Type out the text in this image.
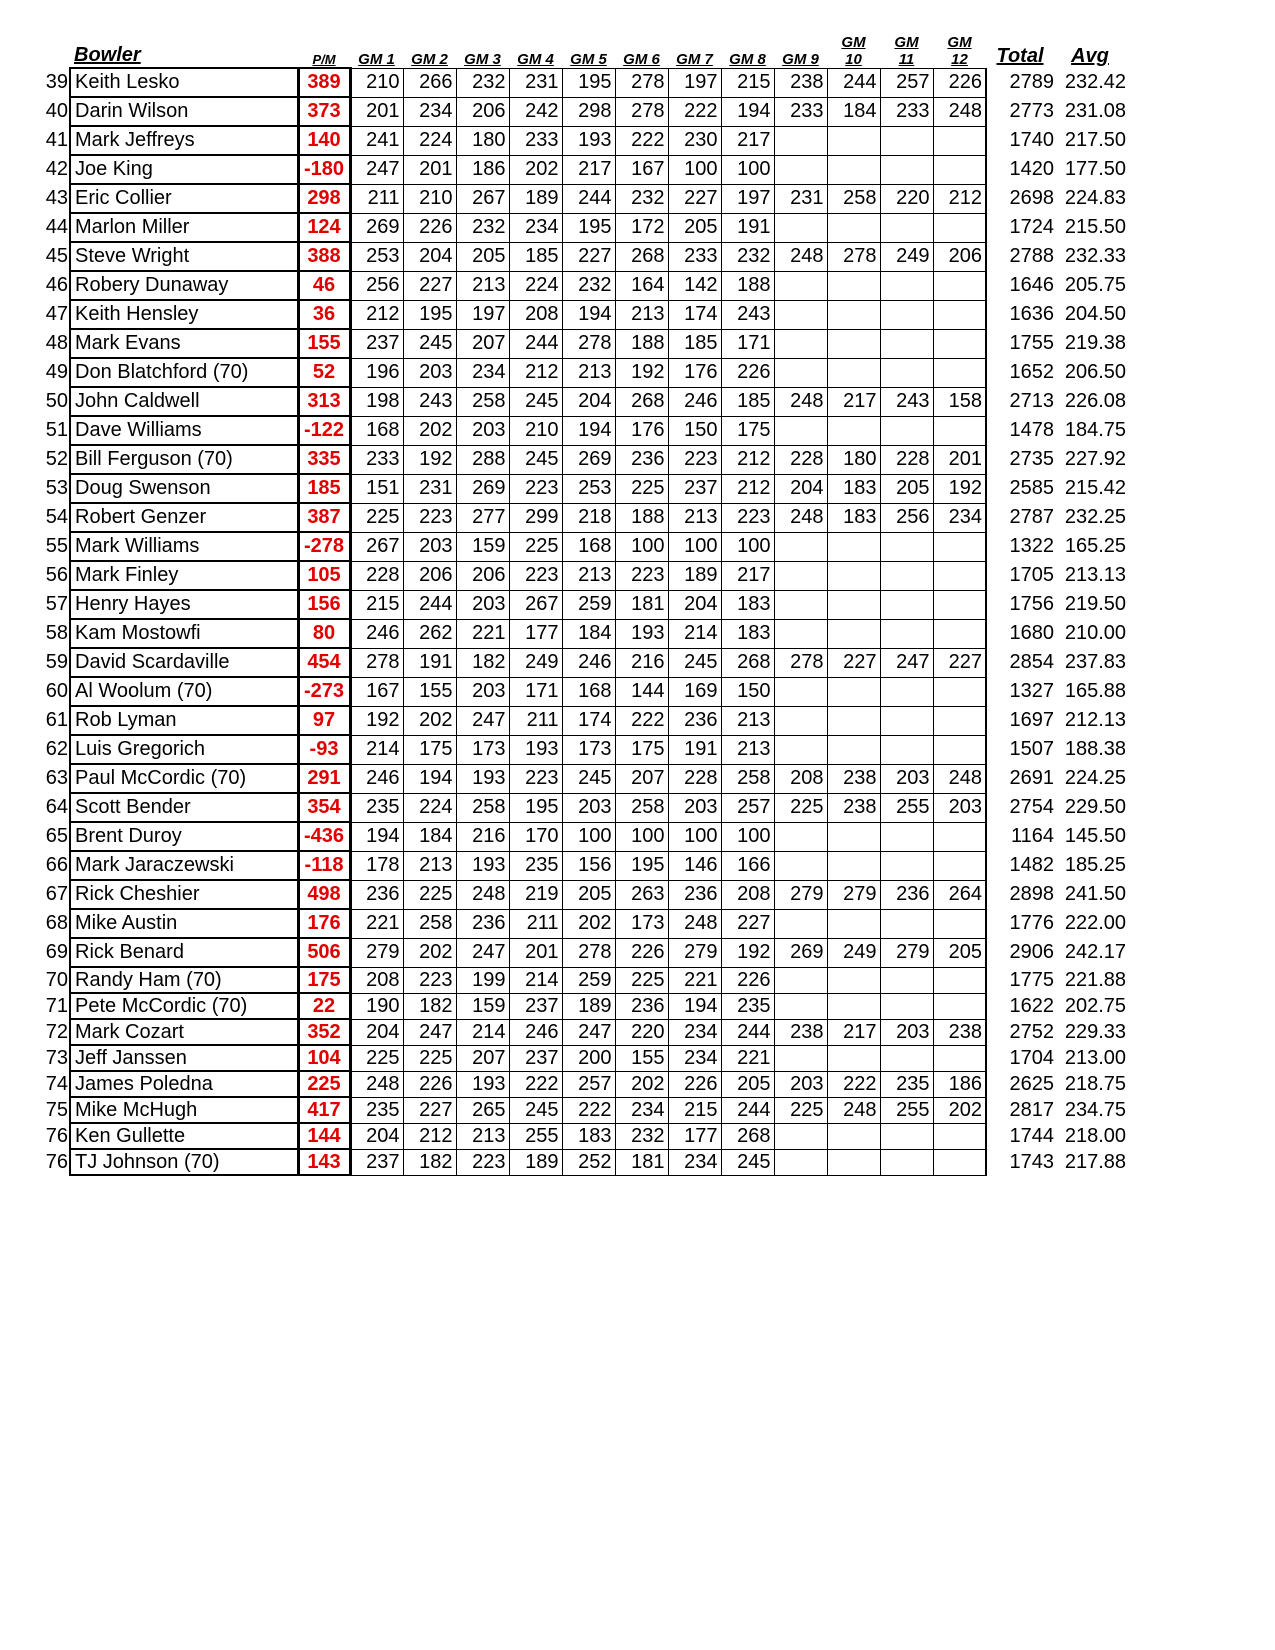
	Bowler	P/M	GM 1	GM 2	GM 3	GM 4	GM 5	GM 6	GM 7	GM 8	GM 9	GM 10	GM 11	GM 12	Total	Avg
39	Keith Lesko	389	210	266	232	231	195	278	197	215	238	244	257	226	2789	232.42
40	Darin Wilson	373	201	234	206	242	298	278	222	194	233	184	233	248	2773	231.08
41	Mark Jeffreys	140	241	224	180	233	193	222	230	217					1740	217.50
42	Joe King	-180	247	201	186	202	217	167	100	100					1420	177.50
43	Eric Collier	298	211	210	267	189	244	232	227	197	231	258	220	212	2698	224.83
44	Marlon Miller	124	269	226	232	234	195	172	205	191					1724	215.50
45	Steve Wright	388	253	204	205	185	227	268	233	232	248	278	249	206	2788	232.33
46	Robery Dunaway	46	256	227	213	224	232	164	142	188					1646	205.75
47	Keith Hensley	36	212	195	197	208	194	213	174	243					1636	204.50
48	Mark Evans	155	237	245	207	244	278	188	185	171					1755	219.38
49	Don Blatchford (70)	52	196	203	234	212	213	192	176	226					1652	206.50
50	John Caldwell	313	198	243	258	245	204	268	246	185	248	217	243	158	2713	226.08
51	Dave Williams	-122	168	202	203	210	194	176	150	175					1478	184.75
52	Bill Ferguson (70)	335	233	192	288	245	269	236	223	212	228	180	228	201	2735	227.92
53	Doug Swenson	185	151	231	269	223	253	225	237	212	204	183	205	192	2585	215.42
54	Robert Genzer	387	225	223	277	299	218	188	213	223	248	183	256	234	2787	232.25
55	Mark Williams	-278	267	203	159	225	168	100	100	100					1322	165.25
56	Mark Finley	105	228	206	206	223	213	223	189	217					1705	213.13
57	Henry Hayes	156	215	244	203	267	259	181	204	183					1756	219.50
58	Kam Mostowfi	80	246	262	221	177	184	193	214	183					1680	210.00
59	David Scardaville	454	278	191	182	249	246	216	245	268	278	227	247	227	2854	237.83
60	Al Woolum (70)	-273	167	155	203	171	168	144	169	150					1327	165.88
61	Rob Lyman	97	192	202	247	211	174	222	236	213					1697	212.13
62	Luis Gregorich	-93	214	175	173	193	173	175	191	213					1507	188.38
63	Paul McCordic (70)	291	246	194	193	223	245	207	228	258	208	238	203	248	2691	224.25
64	Scott Bender	354	235	224	258	195	203	258	203	257	225	238	255	203	2754	229.50
65	Brent Duroy	-436	194	184	216	170	100	100	100	100					1164	145.50
66	Mark Jaraczewski	-118	178	213	193	235	156	195	146	166					1482	185.25
67	Rick Cheshier	498	236	225	248	219	205	263	236	208	279	279	236	264	2898	241.50
68	Mike Austin	176	221	258	236	211	202	173	248	227					1776	222.00
69	Rick Benard	506	279	202	247	201	278	226	279	192	269	249	279	205	2906	242.17
70	Randy Ham (70)	175	208	223	199	214	259	225	221	226					1775	221.88
71	Pete McCordic (70)	22	190	182	159	237	189	236	194	235					1622	202.75
72	Mark Cozart	352	204	247	214	246	247	220	234	244	238	217	203	238	2752	229.33
73	Jeff Janssen	104	225	225	207	237	200	155	234	221					1704	213.00
74	James Poledna	225	248	226	193	222	257	202	226	205	203	222	235	186	2625	218.75
75	Mike McHugh	417	235	227	265	245	222	234	215	244	225	248	255	202	2817	234.75
76	Ken Gullette	144	204	212	213	255	183	232	177	268					1744	218.00
76	TJ Johnson (70)	143	237	182	223	189	252	181	234	245					1743	217.88
